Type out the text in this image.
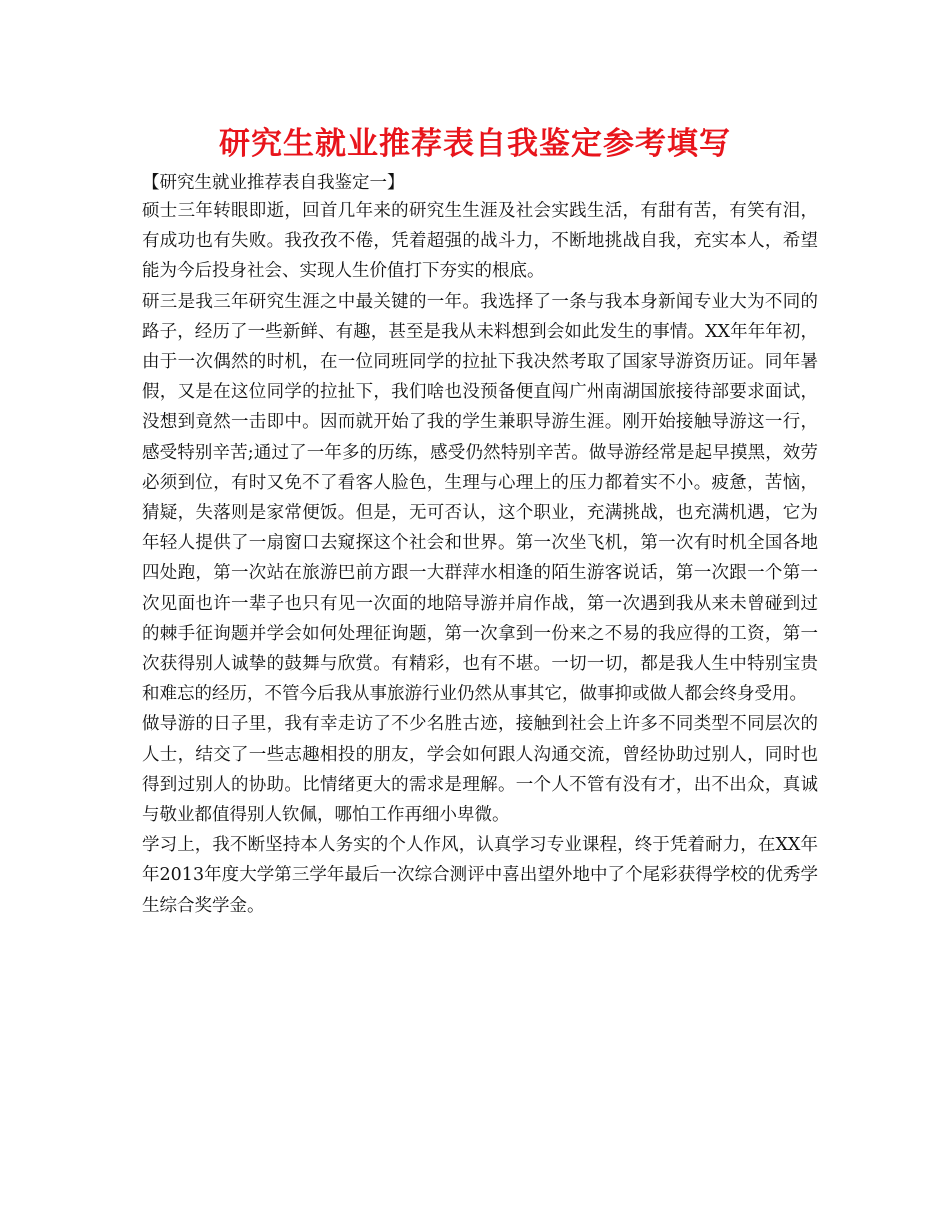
研究生就业推荐表自我鉴定参考填写
【研究生就业推荐表自我鉴定一】

硕士三年转眼即逝，回首几年来的研究生生涯及社会实践生活，有甜有苦，有笑有泪，有成功也有失败。我孜孜不倦，凭着超强的战斗力，不断地挑战自我，充实本人，希望能为今后投身社会、实现人生价值打下夯实的根底。

研三是我三年研究生涯之中最关键的一年。我选择了一条与我本身新闻专业大为不同的路子，经历了一些新鲜、有趣，甚至是我从未料想到会如此发生的事情。XX年年年初，由于一次偶然的时机，在一位同班同学的拉扯下我决然考取了国家导游资历证。同年暑假，又是在这位同学的拉扯下，我们啥也没预备便直闯广州南湖国旅接待部要求面试，没想到竟然一击即中。因而就开始了我的学生兼职导游生涯。刚开始接触导游这一行，感受特别辛苦;通过了一年多的历练，感受仍然特别辛苦。做导游经常是起早摸黑，效劳必须到位，有时又免不了看客人脸色，生理与心理上的压力都着实不小。疲惫，苦恼，猜疑，失落则是家常便饭。但是，无可否认，这个职业，充满挑战，也充满机遇，它为年轻人提供了一扇窗口去窥探这个社会和世界。第一次坐飞机，第一次有时机全国各地四处跑，第一次站在旅游巴前方跟一大群萍水相逢的陌生游客说话，第一次跟一个第一次见面也许一辈子也只有见一次面的地陪导游并肩作战，第一次遇到我从来未曾碰到过的棘手征询题并学会如何处理征询题，第一次拿到一份来之不易的我应得的工资，第一次获得别人诚挚的鼓舞与欣赏。有精彩，也有不堪。一切一切，都是我人生中特别宝贵和难忘的经历，不管今后我从事旅游行业仍然从事其它，做事抑或做人都会终身受用。

做导游的日子里，我有幸走访了不少名胜古迹，接触到社会上许多不同类型不同层次的人士，结交了一些志趣相投的朋友，学会如何跟人沟通交流，曾经协助过别人，同时也得到过别人的协助。比情绪更大的需求是理解。一个人不管有没有才，出不出众，真诚与敬业都值得别人钦佩，哪怕工作再细小卑微。

学习上，我不断坚持本人务实的个人作风，认真学习专业课程，终于凭着耐力，在XX年年2013年度大学第三学年最后一次综合测评中喜出望外地中了个尾彩获得学校的优秀学生综合奖学金。
